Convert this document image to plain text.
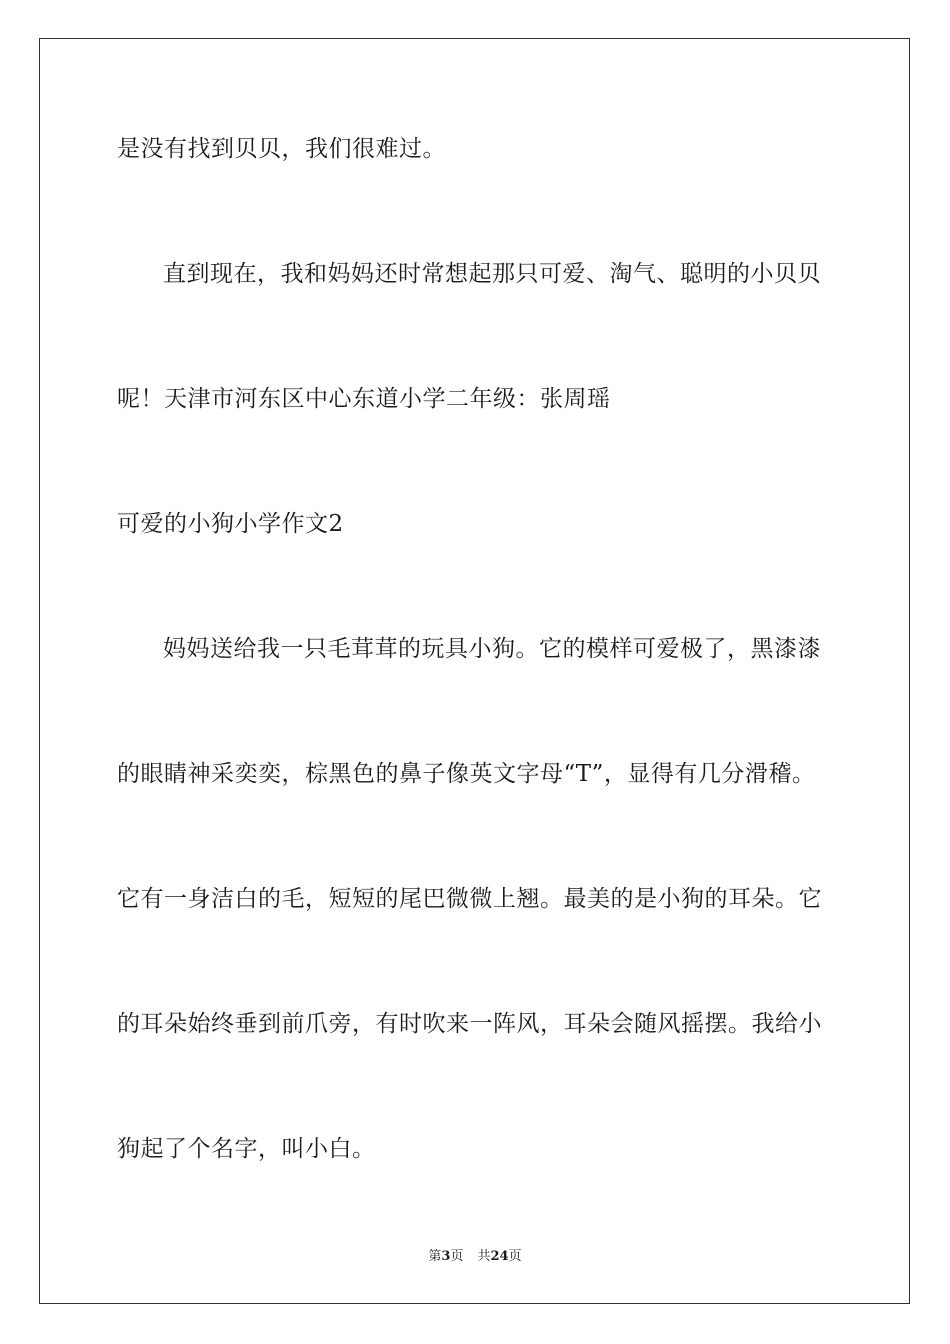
是没有找到贝贝，我们很难过。
直到现在，我和妈妈还时常想起那只可爱、淘气、聪明的小贝贝
呢！天津市河东区中心东道小学二年级：张周瑶
可爱的小狗小学作文2
妈妈送给我一只毛茸茸的玩具小狗。它的模样可爱极了，黑漆漆
的眼睛神采奕奕，棕黑色的鼻子像英文字母“T”，显得有几分滑稽。
它有一身洁白的毛，短短的尾巴微微上翘。最美的是小狗的耳朵。它
的耳朵始终垂到前爪旁，有时吹来一阵风，耳朵会随风摇摆。我给小
狗起了个名字，叫小白。
第3页 共24页
